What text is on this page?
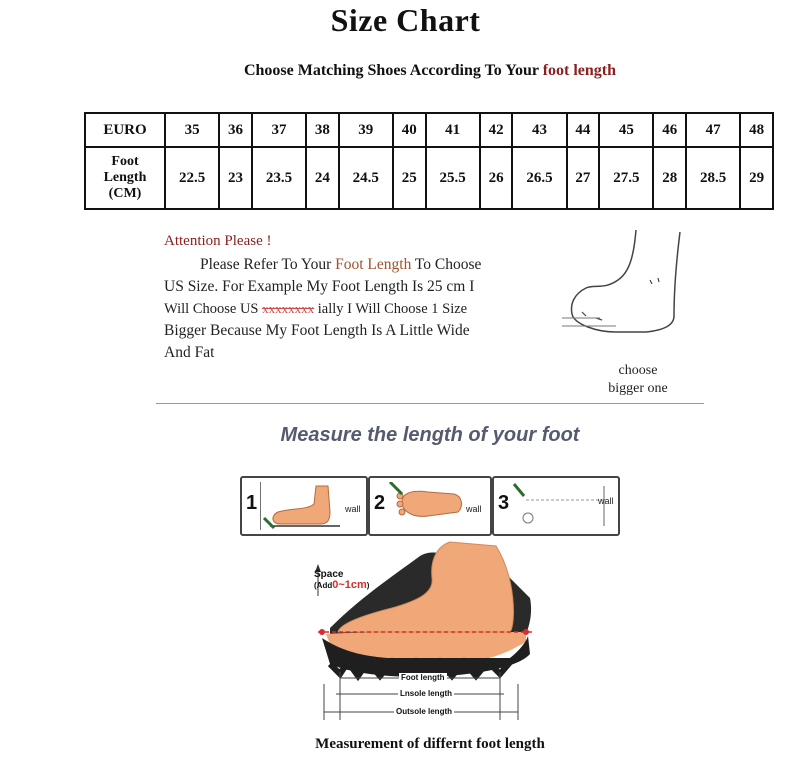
Size Chart
Choose Matching Shoes According To Your foot length
EURO	35	36	37	38	39	40	41	42	43	44	45	46	47	48
Foot
Length
(CM)	22.5	23	23.5	24	24.5	25	25.5	26	26.5	27	27.5	28	28.5	29
Attention Please !
Please Refer To Your Foot Length To Choose
US Size. For Example My Foot Length Is 25 cm I
Will Choose US xxxxxxxx ially I Will Choose 1 Size
Bigger Because My Foot Length Is A Little Wide
And Fat
choose
bigger one
Measure the length of your foot
1	wall 2	wall 3	wall
Space
(Add0~1cm)
Foot length
Lnsole length
Outsole length
Measurement of differnt foot length
